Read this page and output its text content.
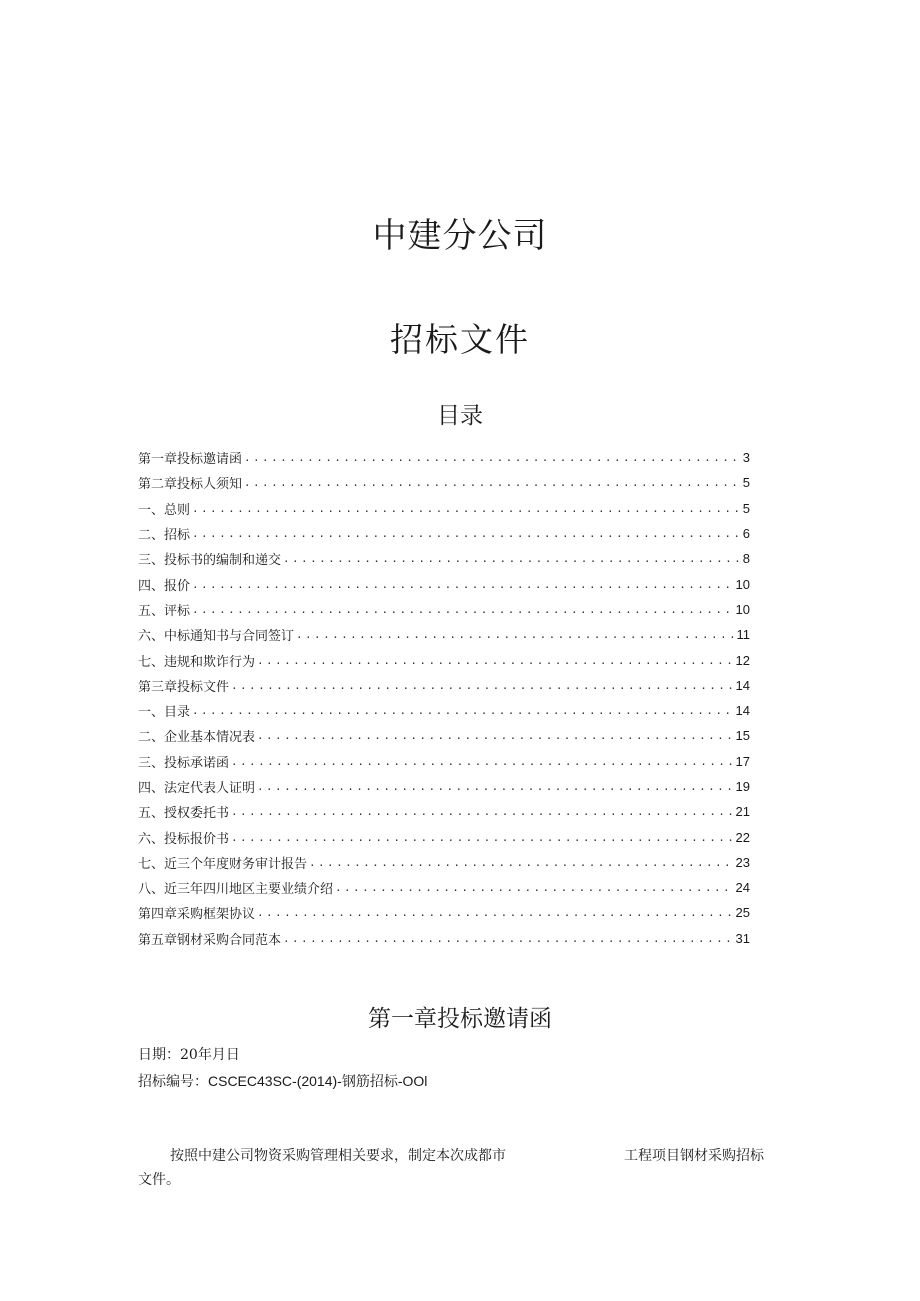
中建分公司
招标文件
目录
第一章投标邀请函 .....	3
第二章投标人须知 .....	5
一、总则 .....	5
二、招标 .....	6
三、投标书的编制和递交 .....	8
四、报价 .....	10
五、评标 .....	10
六、中标通知书与合同签订 .....	11
七、违规和欺诈行为 .....	12
第三章投标文件 .....	14
一、目录 .....	14
二、企业基本情况表 .....	15
三、投标承诺函 .....	17
四、法定代表人证明 .....	19
五、授权委托书 .....	21
六、投标报价书 .....	22
七、近三个年度财务审计报告 .....	23
八、近三年四川地区主要业绩介绍 .....	24
第四章采购框架协议 .....	25
第五章钢材采购合同范本 .....	31
第一章投标邀请函
日期：20年月日
招标编号：CSCEC43SC-(2014)-钢筋招标-OOl
按照中建公司物资采购管理相关要求，制定本次成都市	工程项目钢材采购招标
文件。
